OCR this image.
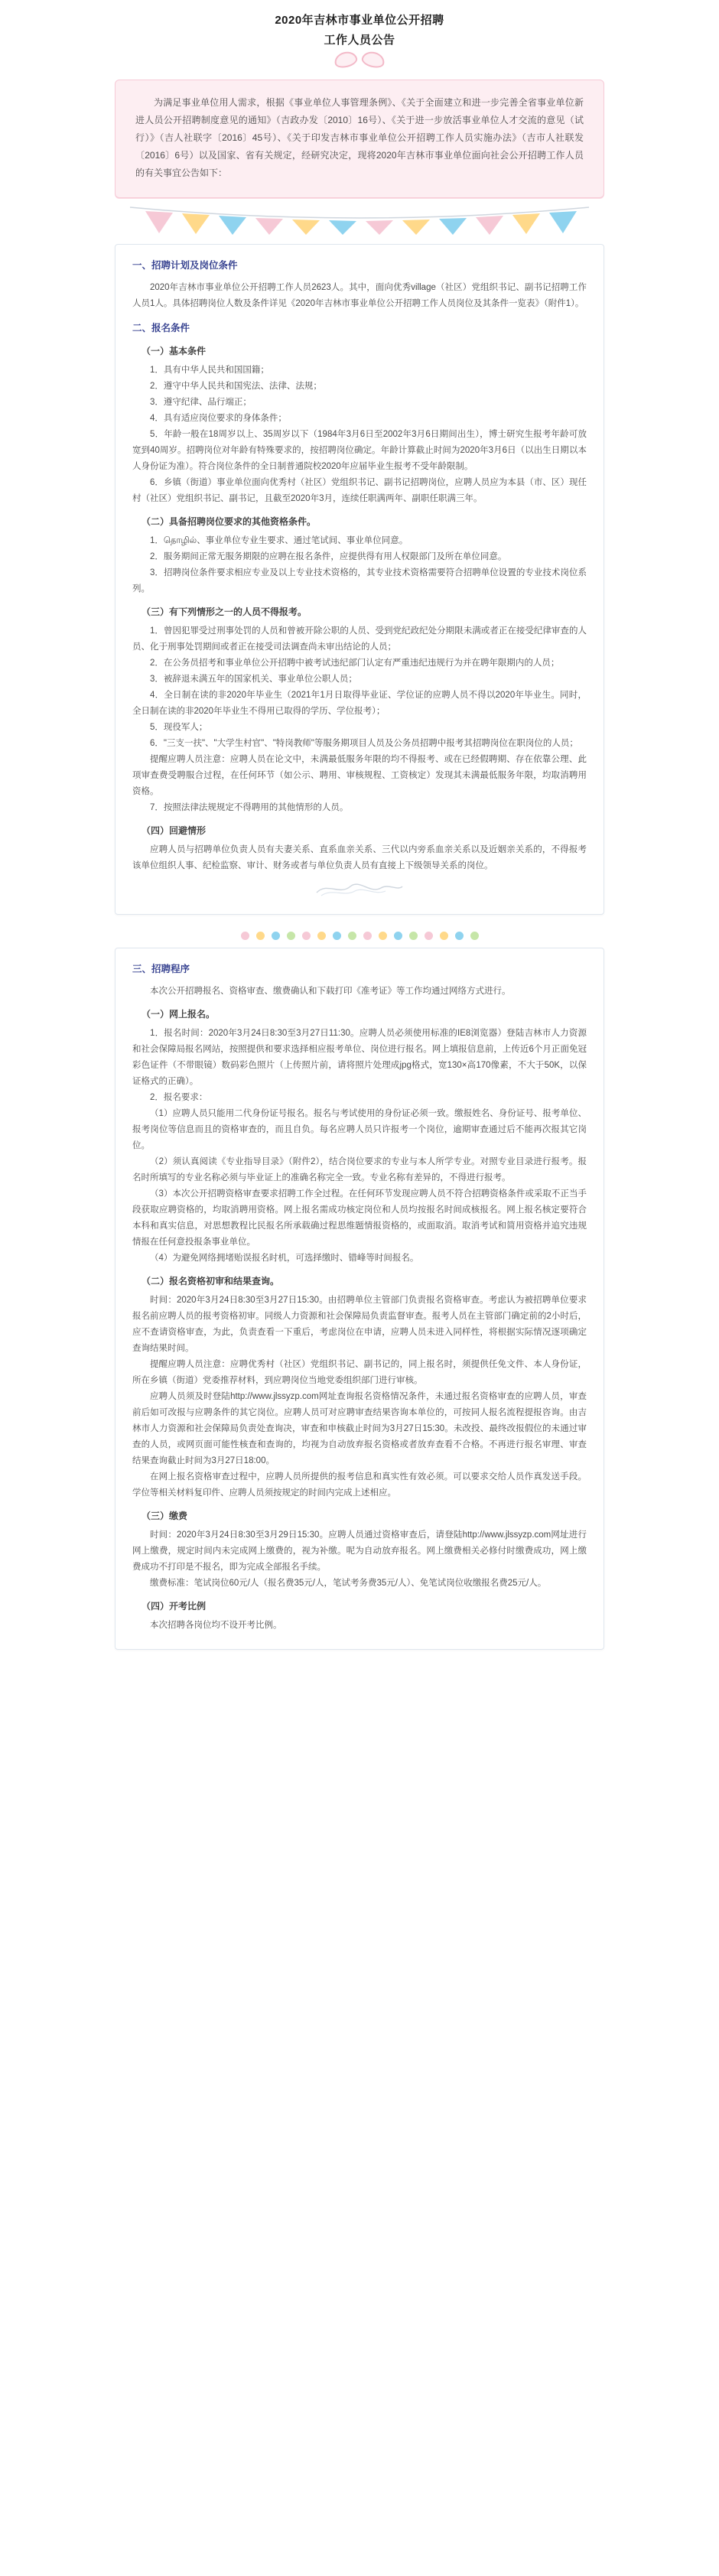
2020年吉林市事业单位公开招聘
工作人员公告

为满足事业单位用人需求，根据《事业单位人事管理条例》、《关于全面建立和进一步完善全省事业单位新进人员公开招聘制度意见的通知》（吉政办发〔2010〕16号）、《关于进一步放活事业单位人才交流的意见（试行）》（吉人社联字〔2016〕45号）、《关于印发吉林市事业单位公开招聘工作人员实施办法》（吉市人社联发〔2016〕6号）以及国家、省有关规定，经研究决定，现将2020年吉林市事业单位面向社会公开招聘工作人员的有关事宜公告如下：

一、招聘计划及岗位条件

2020年吉林市事业单位公开招聘工作人员2623人。其中，面向优秀village（社区）党组织书记、副书记招聘工作人员1人。具体招聘岗位人数及条件详见《2020年吉林市事业单位公开招聘工作人员岗位及其条件一览表》（附件1）。

二、报名条件
（一）基本条件

1．具有中华人民共和国国籍；

2．遵守中华人民共和国宪法、法律、法规；

3．遵守纪律、品行端正；

4．具有适应岗位要求的身体条件；

5．年龄一般在18周岁以上、35周岁以下（1984年3月6日至2002年3月6日期间出生），博士研究生报考年龄可放宽到40周岁。招聘岗位对年龄有特殊要求的，按招聘岗位确定。年龄计算截止时间为2020年3月6日（以出生日期以本人身份证为准）。符合岗位条件的全日制普通院校2020年应届毕业生报考不受年龄限制。

6．乡镇（街道）事业单位面向优秀村（社区）党组织书记、副书记招聘岗位，应聘人员应为本县（市、区）现任村（社区）党组织书记、副书记，且截至2020年3月，连续任职满两年、副职任职满三年。

（二）具备招聘岗位要求的其他资格条件。

1．தொழில்、事业单位专业生要求、通过笔试间、事业单位同意。

2．服务期间正常无服务期限的应聘在报名条件，应提供得有用人权限部门及所在单位同意。

3．招聘岗位条件要求相应专业及以上专业技术资格的，其专业技术资格需要符合招聘单位设置的专业技术岗位系列。

（三）有下列情形之一的人员不得报考。

1．曾因犯罪受过刑事处罚的人员和曾被开除公职的人员、受到党纪政纪处分期限未满或者正在接受纪律审查的人员、化于刑事处罚期间或者正在接受司法调查尚未审出结论的人员；

2．在公务员招考和事业单位公开招聘中被考试违纪部门认定有严重违纪违规行为并在聘年限期内的人员；

3．被辞退未满五年的国家机关、事业单位公职人员；

4．全日制在读的非2020年毕业生（2021年1月日取得毕业证、学位证的应聘人员不得以2020年毕业生。同时，全日制在读的非2020年毕业生不得用已取得的学历、学位报考）；

5．现役军人；

6．"三支一扶"、"大学生村官"、"特岗教师"等服务期项目人员及公务员招聘中报考其招聘岗位在职岗位的人员；

提醒应聘人员注意：应聘人员在论文中，未满最低服务年限的均不得报考、或在已经假聘期、存在依靠公理、此项审查费受聘服合过程，在任何环节（如公示、聘用、审核规程、工资核定）发现其未满最低服务年限，均取消聘用资格。

7．按照法律法规规定不得聘用的其他情形的人员。

（四）回避情形

应聘人员与招聘单位负责人员有夫妻关系、直系血亲关系、三代以内旁系血亲关系以及近姻亲关系的，不得报考该单位组织人事、纪检监察、审计、财务或者与单位负责人员有直接上下级领导关系的岗位。

三、招聘程序

本次公开招聘报名、资格审查、缴费确认和下载打印《准考证》等工作均通过网络方式进行。

（一）网上报名。

1．报名时间：2020年3月24日8:30至3月27日11:30。应聘人员必须使用标准的IE8浏览器）登陆吉林市人力资源和社会保障局报名网站，按照提供和要求选择相应报考单位、岗位进行报名。网上填报信息前，上传近6个月正面免冠彩色证件（不带眼镜）数码彩色照片（上传照片前，请将照片处理成jpg格式，宽130×高170像素，不大于50K，以保证格式的正确）。

2．报名要求：

（1）应聘人员只能用二代身份证号报名。报名与考试使用的身份证必须一致。缴报姓名、身份证号、报考单位、报考岗位等信息而且的资格审查的，而且自负。每名应聘人员只许报考一个岗位，逾期审查通过后不能再次报其它岗位。

（2）须认真阅读《专业指导目录》（附件2），结合岗位要求的专业与本人所学专业。对照专业目录进行报考。报名时所填写的专业名称必须与毕业证上的准确名称完全一致。专业名称有差异的，不得进行报考。

（3）本次公开招聘资格审查要求招聘工作全过程。在任何环节发现应聘人员不符合招聘资格条件或采取不正当手段获取应聘资格的，均取消聘用资格。网上报名需成功核定岗位和人员均按报名时间成核报名。网上报名核定要符合本科和真实信息，对思想教程比民报名所承载确过程思维题情报资格的，或面取消。取消考试和简用资格并追究违规情报在任何意投报条事业单位。

（4）为避免网络拥堵贻误报名时机，可选择缴时、错峰等时间报名。

（二）报名资格初审和结果查询。

时间：2020年3月24日8:30至3月27日15:30。由招聘单位主管部门负责报名资格审查。考虑认为被招聘单位要求报名前应聘人员的报考资格初审。同级人力资源和社会保障局负责监督审查。报考人员在主管部门确定前的2小时后，应不查请资格审查，为此，负责查看一下重后，考虑岗位在申请，应聘人员未进入同样性，将根据实际情况逐项确定查询结果时间。

提醒应聘人员注意：应聘优秀村（社区）党组织书记、副书记的，同上报名时，须提供任免文件、本人身份证，所在乡镇（街道）党委推荐材料，到应聘岗位当地党委组织部门进行审核。

应聘人员须及时登陆http://www.jlssyzp.com网址查询报名资格情况条件，未通过报名资格审查的应聘人员，审查前后如可改报与应聘条件的其它岗位。应聘人员可对应聘审查结果咨询本单位的，可按同人报名流程提报咨询。由吉林市人力资源和社会保障局负责处查询决，审查和申核截止时间为3月27日15:30。未改投、最终改报假位的未通过审查的人员，或网页面可能性核查和查询的，均视为自动放弃报名资格或者放弃查看不合格。不再进行报名审理、审查结果查询截止时间为3月27日18:00。

在网上报名资格审查过程中，应聘人员所提供的报考信息和真实性有效必须。可以要求交给人员作真发送手段。学位等相关材料复印件、应聘人员须按规定的时间内完成上述相应。

（三）缴费

时间：2020年3月24日8:30至3月29日15:30。应聘人员通过资格审查后，请登陆http://www.jlssyzp.com网址进行网上缴费，规定时间内未完成网上缴费的，视为补缴。呢为自动放弃报名。网上缴费相关必修付时缴费成功，网上缴费成功不打印是不报名，即为完成全部报名手续。

缴费标准：笔试岗位60元/人（报名费35元/人，笔试考务费35元/人）、免笔试岗位收缴报名费25元/人。

（四）开考比例

本次招聘各岗位均不设开考比例。
